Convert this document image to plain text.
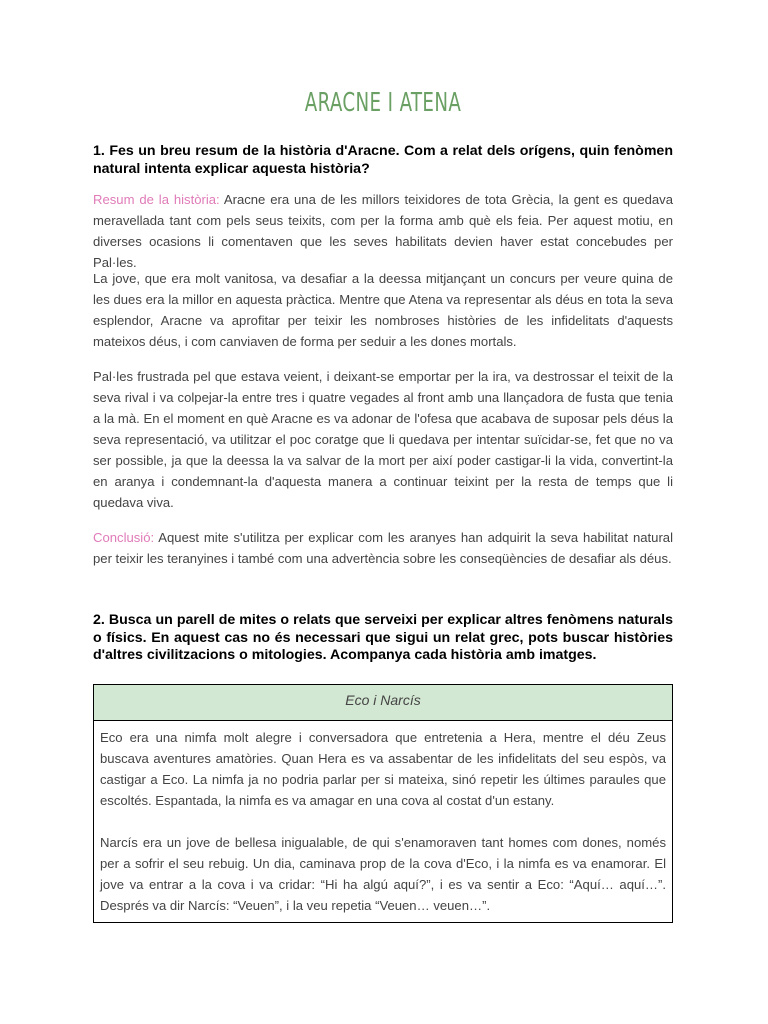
ARACNE I ATENA

1. Fes un breu resum de la història d'Aracne. Com a relat dels orígens, quin fenòmen natural intenta explicar aquesta història?

Resum de la història: Aracne era una de les millors teixidores de tota Grècia, la gent es quedava meravellada tant com pels seus teixits, com per la forma amb què els feia. Per aquest motiu, en diverses ocasions li comentaven que les seves habilitats devien haver estat concebudes per Pal·les.

La jove, que era molt vanitosa, va desafiar a la deessa mitjançant un concurs per veure quina de les dues era la millor en aquesta pràctica. Mentre que Atena va representar als déus en tota la seva esplendor, Aracne va aprofitar per teixir les nombroses històries de les infidelitats d'aquests mateixos déus, i com canviaven de forma per seduir a les dones mortals.

Pal·les frustrada pel que estava veient, i deixant-se emportar per la ira, va destrossar el teixit de la seva rival i va colpejar-la entre tres i quatre vegades al front amb una llançadora de fusta que tenia a la mà. En el moment en què Aracne es va adonar de l'ofesa que acabava de suposar pels déus la seva representació, va utilitzar el poc coratge que li quedava per intentar suïcidar-se, fet que no va ser possible, ja que la deessa la va salvar de la mort per així poder castigar-li la vida, convertint-la en aranya i condemnant-la d'aquesta manera a continuar teixint per la resta de temps que li quedava viva.

Conclusió: Aquest mite s'utilitza per explicar com les aranyes han adquirit la seva habilitat natural per teixir les teranyines i també com una advertència sobre les conseqüències de desafiar als déus.

2. Busca un parell de mites o relats que serveixi per explicar altres fenòmens naturals o físics. En aquest cas no és necessari que sigui un relat grec, pots buscar històries d'altres civilitzacions o mitologies. Acompanya cada història amb imatges.

Eco i Narcís

Eco era una nimfa molt alegre i conversadora que entretenia a Hera, mentre el déu Zeus buscava aventures amatòries. Quan Hera es va assabentar de les infidelitats del seu espòs, va castigar a Eco. La nimfa ja no podria parlar per si mateixa, sinó repetir les últimes paraules que escoltés. Espantada, la nimfa es va amagar en una cova al costat d'un estany.

Narcís era un jove de bellesa inigualable, de qui s'enamoraven tant homes com dones, només per a sofrir el seu rebuig. Un dia, caminava prop de la cova d'Eco, i la nimfa es va enamorar. El jove va entrar a la cova i va cridar: “Hi ha algú aquí?”, i es va sentir a Eco: “Aquí… aquí…”. Després va dir Narcís: “Veuen”, i la veu repetia “Veuen… veuen…”.
